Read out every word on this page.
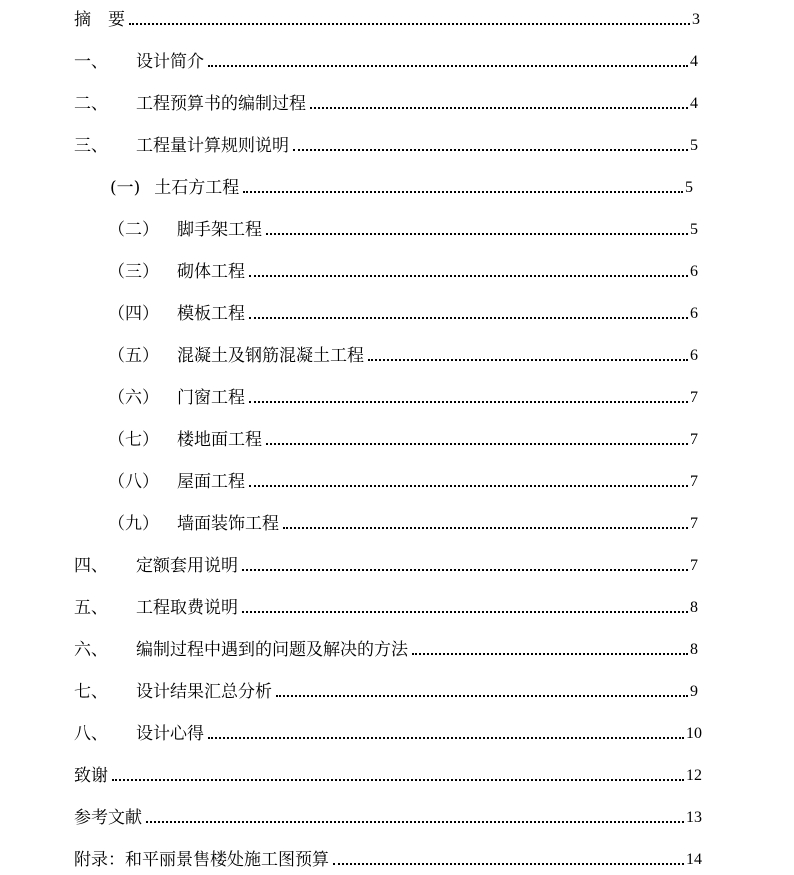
摘　要	3
一、 设计简介	4
二、 工程预算书的编制过程	4
三、 工程量计算规则说明	5
(一) 土石方工程	5
（二） 脚手架工程	5
（三） 砌体工程	6
（四） 模板工程	6
（五） 混凝土及钢筋混凝土工程	6
（六） 门窗工程	7
（七） 楼地面工程	7
（八） 屋面工程	7
（九） 墙面装饰工程	7
四、 定额套用说明	7
五、 工程取费说明	8
六、 编制过程中遇到的问题及解决的方法	8
七、 设计结果汇总分析	9
八、 设计心得	10
致谢	12
参考文献	13
附录：和平丽景售楼处施工图预算	14
